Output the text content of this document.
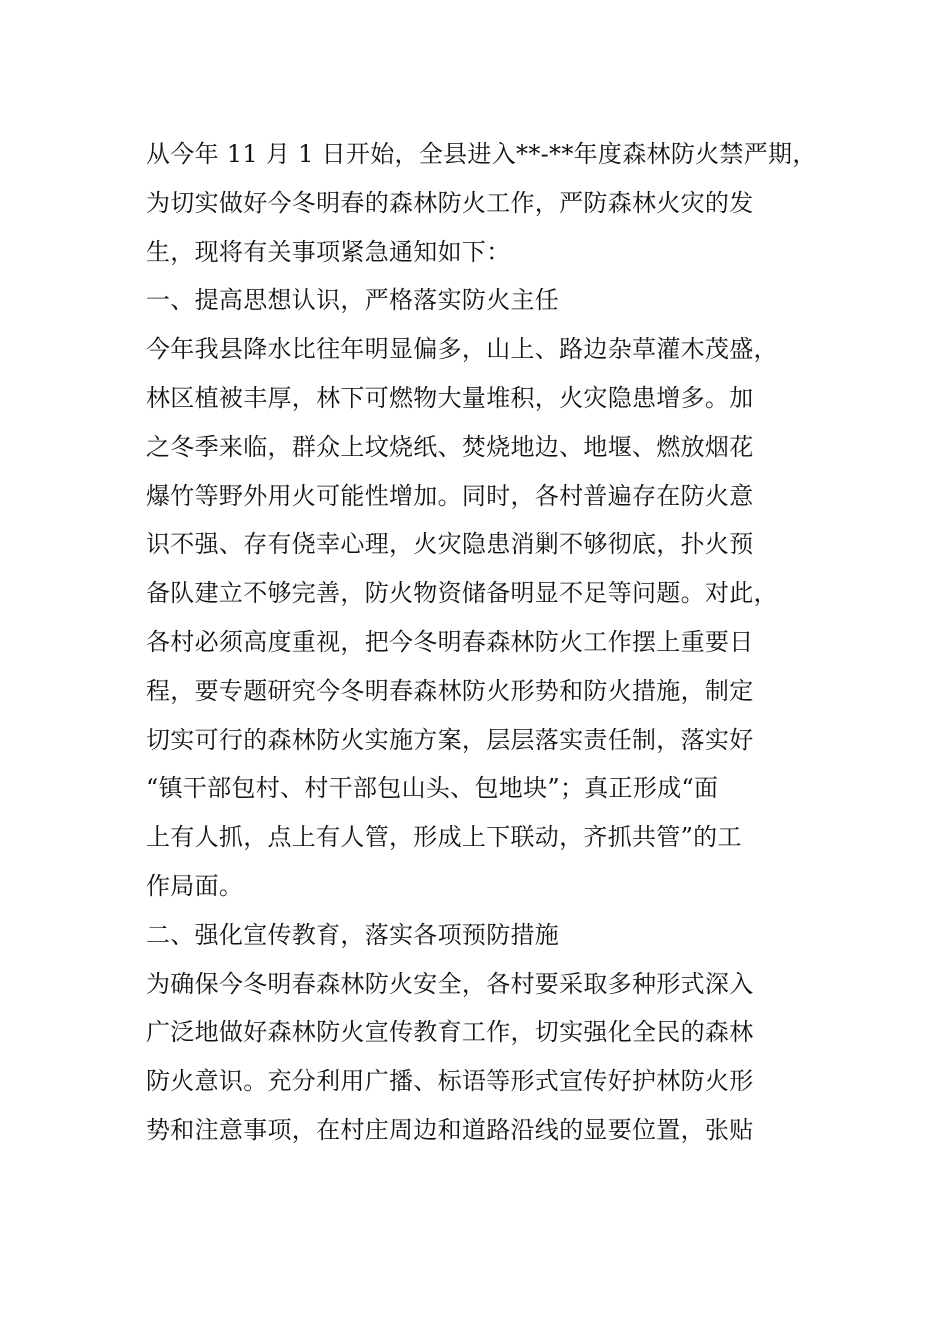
从今年 11 月 1 日开始，全县进入**-**年度森林防火禁严期，
为切实做好今冬明春的森林防火工作，严防森林火灾的发
生，现将有关事项紧急通知如下：
一、提高思想认识，严格落实防火主任
今年我县降水比往年明显偏多，山上、路边杂草灌木茂盛，
林区植被丰厚，林下可燃物大量堆积，火灾隐患增多。加
之冬季来临，群众上坟烧纸、焚烧地边、地堰、燃放烟花
爆竹等野外用火可能性增加。同时，各村普遍存在防火意
识不强、存有侥幸心理，火灾隐患消剿不够彻底，扑火预
备队建立不够完善，防火物资储备明显不足等问题。对此，
各村必须高度重视，把今冬明春森林防火工作摆上重要日
程，要专题研究今冬明春森林防火形势和防火措施，制定
切实可行的森林防火实施方案，层层落实责任制，落实好
“镇干部包村、村干部包山头、包地块”；真正形成“面
上有人抓，点上有人管，形成上下联动，齐抓共管”的工
作局面。
二、强化宣传教育，落实各项预防措施
为确保今冬明春森林防火安全，各村要采取多种形式深入
广泛地做好森林防火宣传教育工作，切实强化全民的森林
防火意识。充分利用广播、标语等形式宣传好护林防火形
势和注意事项，在村庄周边和道路沿线的显要位置，张贴
